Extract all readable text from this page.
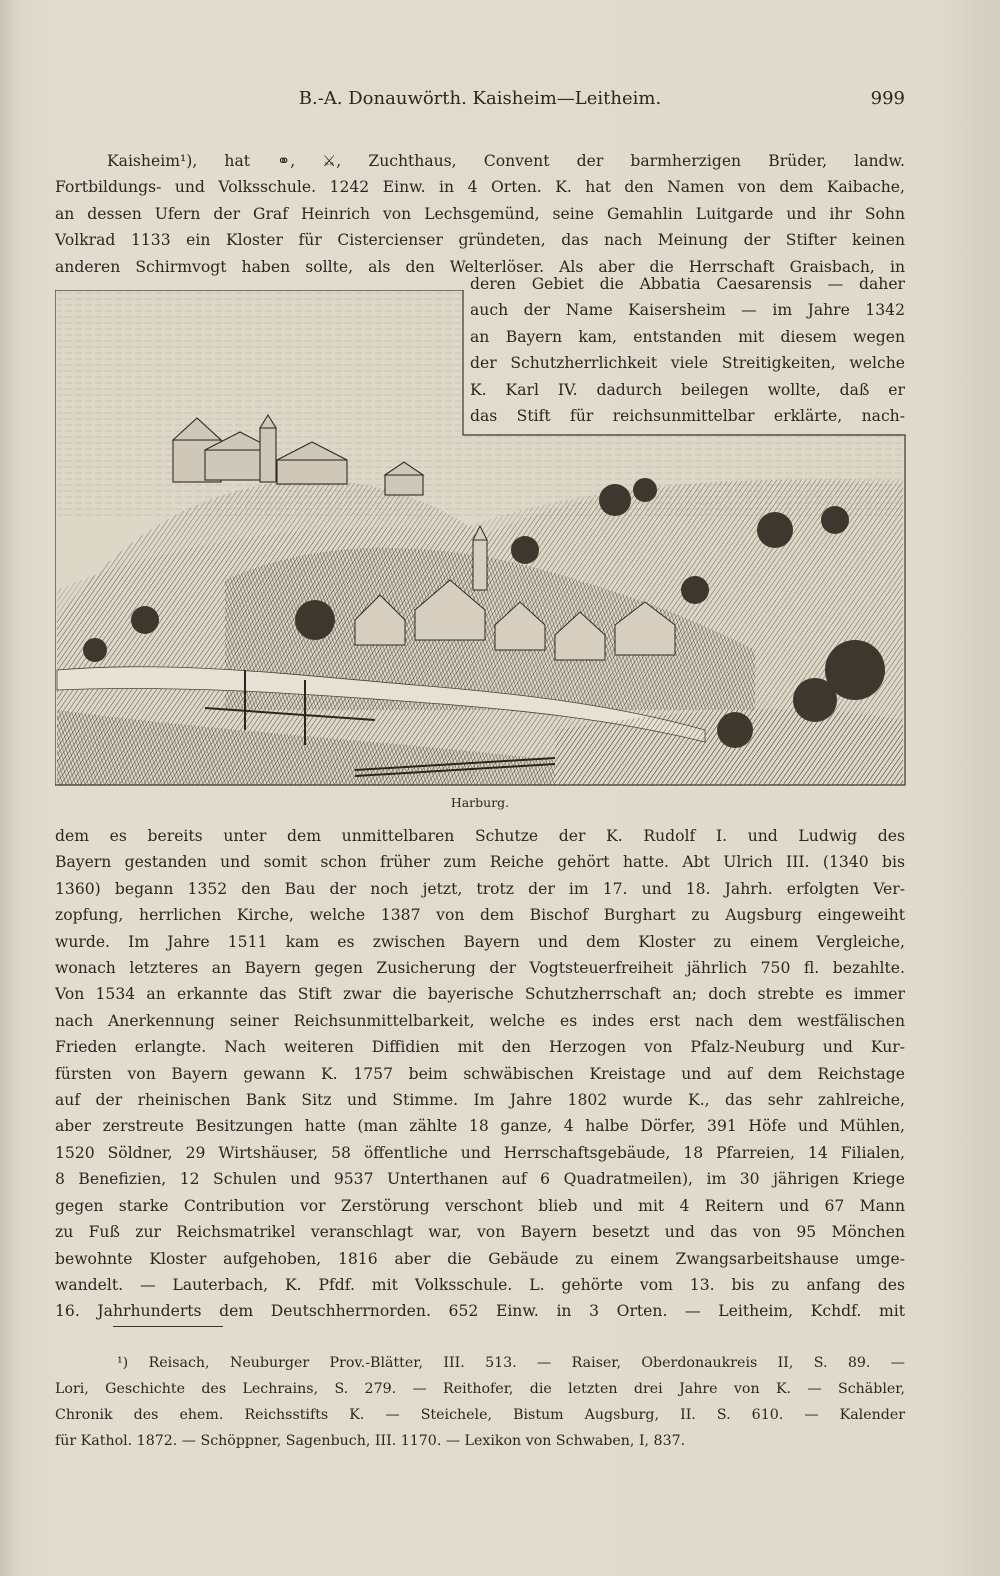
B.-A. Donauwörth. Kaisheim—Leitheim.	999
Kaisheim¹), hat ⚭, ⚔, Zuchthaus, Convent der barmherzigen Brüder, landw.
Fortbildungs- und Volksschule. 1242 Einw. in 4 Orten. K. hat den Namen von dem Kaibache,
an dessen Ufern der Graf Heinrich von Lechsgemünd, seine Gemahlin Luitgarde und ihr Sohn
Volkrad 1133 ein Kloster für Cistercienser gründeten, das nach Meinung der Stifter keinen
anderen Schirmvogt haben sollte, als den Welterlöser. Als aber die Herrschaft Graisbach, in
deren Gebiet die Abbatia Caesarensis — daher
auch der Name Kaisersheim — im Jahre 1342
an Bayern kam, entstanden mit diesem wegen
der Schutzherrlichkeit viele Streitigkeiten, welche
K. Karl IV. dadurch beilegen wollte, daß er
das Stift für reichsunmittelbar erklärte, nach-
Harburg.
dem es bereits unter dem unmittelbaren Schutze der K. Rudolf I. und Ludwig des
Bayern gestanden und somit schon früher zum Reiche gehört hatte. Abt Ulrich III. (1340 bis
1360) begann 1352 den Bau der noch jetzt, trotz der im 17. und 18. Jahrh. erfolgten Ver-
zopfung, herrlichen Kirche, welche 1387 von dem Bischof Burghart zu Augsburg eingeweiht
wurde. Im Jahre 1511 kam es zwischen Bayern und dem Kloster zu einem Vergleiche,
wonach letzteres an Bayern gegen Zusicherung der Vogtsteuerfreiheit jährlich 750 fl. bezahlte.
Von 1534 an erkannte das Stift zwar die bayerische Schutzherrschaft an; doch strebte es immer
nach Anerkennung seiner Reichsunmittelbarkeit, welche es indes erst nach dem westfälischen
Frieden erlangte. Nach weiteren Diffidien mit den Herzogen von Pfalz-Neuburg und Kur-
fürsten von Bayern gewann K. 1757 beim schwäbischen Kreistage und auf dem Reichstage
auf der rheinischen Bank Sitz und Stimme. Im Jahre 1802 wurde K., das sehr zahlreiche,
aber zerstreute Besitzungen hatte (man zählte 18 ganze, 4 halbe Dörfer, 391 Höfe und Mühlen,
1520 Söldner, 29 Wirtshäuser, 58 öffentliche und Herrschaftsgebäude, 18 Pfarreien, 14 Filialen,
8 Benefizien, 12 Schulen und 9537 Unterthanen auf 6 Quadratmeilen), im 30 jährigen Kriege
gegen starke Contribution vor Zerstörung verschont blieb und mit 4 Reitern und 67 Mann
zu Fuß zur Reichsmatrikel veranschlagt war, von Bayern besetzt und das von 95 Mönchen
bewohnte Kloster aufgehoben, 1816 aber die Gebäude zu einem Zwangsarbeitshause umge-
wandelt. — Lauterbach, K. Pfdf. mit Volksschule. L. gehörte vom 13. bis zu anfang des
16. Jahrhunderts dem Deutschherrnorden. 652 Einw. in 3 Orten. — Leitheim, Kchdf. mit
¹) Reisach, Neuburger Prov.-Blätter, III. 513. — Raiser, Oberdonaukreis II, S. 89. —
Lori, Geschichte des Lechrains, S. 279. — Reithofer, die letzten drei Jahre von K. — Schäbler,
Chronik des ehem. Reichsstifts K. — Steichele, Bistum Augsburg, II. S. 610. — Kalender
für Kathol. 1872. — Schöppner, Sagenbuch, III. 1170. — Lexikon von Schwaben, I, 837.
